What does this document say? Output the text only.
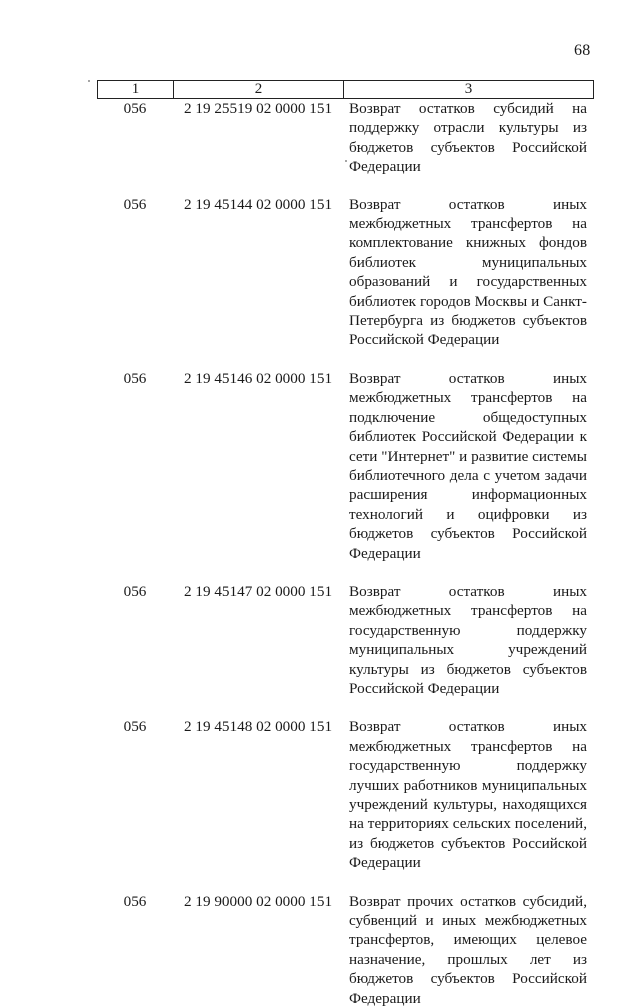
68
1	2	3
056	2 19 25519 02 0000 151	Возврат остатков субсидий на поддержку отрасли культуры из бюджетов субъектов Российской Федерации
056	2 19 45144 02 0000 151	Возврат остатков иных межбюджетных трансфертов на комплектование книжных фондов библиотек муниципальных образований и государственных библиотек городов Москвы и Санкт-Петербурга из бюджетов субъектов Российской Федерации
056	2 19 45146 02 0000 151	Возврат остатков иных межбюджетных трансфертов на подключение общедоступных библиотек Российской Федерации к сети "Интернет" и развитие системы библиотечного дела с учетом задачи расширения информационных технологий и оцифровки из бюджетов субъектов Российской Федерации
056	2 19 45147 02 0000 151	Возврат остатков иных межбюджетных трансфертов на государственную поддержку муниципальных учреждений культуры из бюджетов субъектов Российской Федерации
056	2 19 45148 02 0000 151	Возврат остатков иных межбюджетных трансфертов на государственную поддержку лучших работников муниципальных учреждений культуры, находящихся на территориях сельских поселений, из бюджетов субъектов Российской Федерации
056	2 19 90000 02 0000 151	Возврат прочих остатков субсидий, субвенций и иных межбюджетных трансфертов, имеющих целевое назначение, прошлых лет из бюджетов субъектов Российской Федерации
